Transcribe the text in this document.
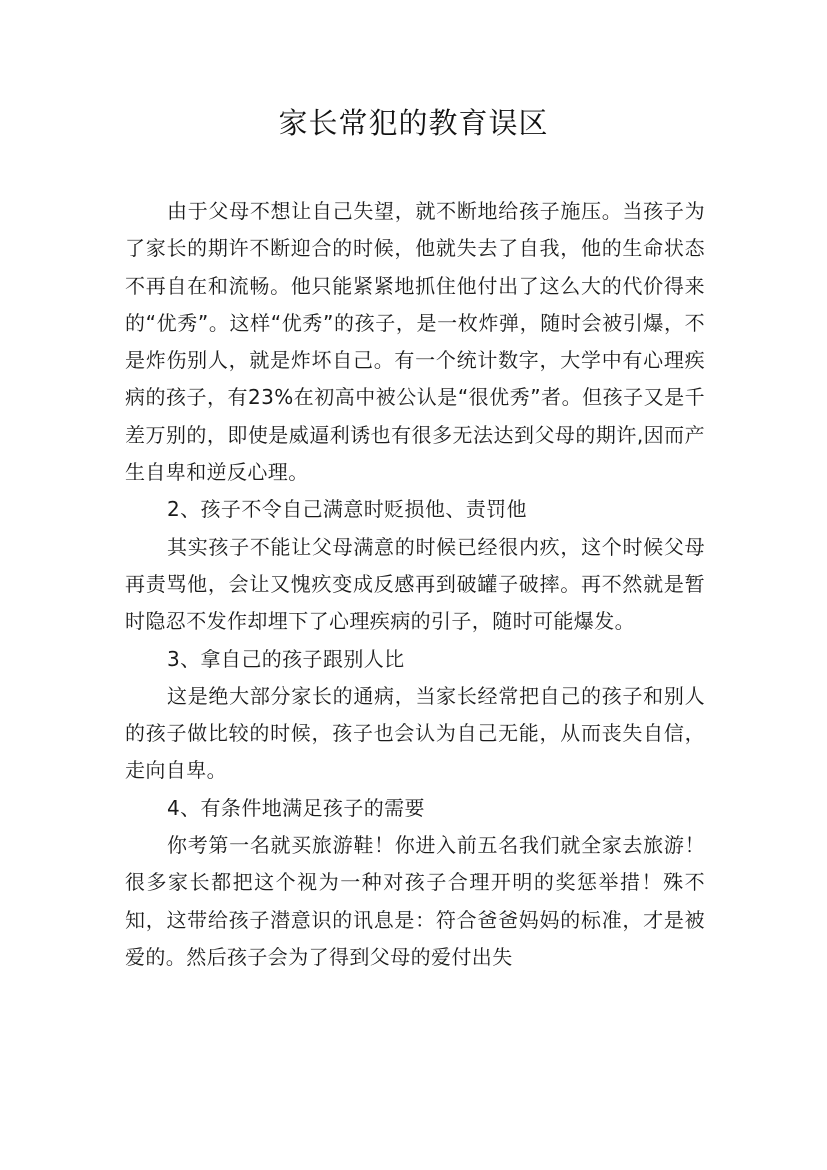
家长常犯的教育误区

由于父母不想让自己失望，就不断地给孩子施压。当孩子为了家长的期许不断迎合的时候，他就失去了自我，他的生命状态不再自在和流畅。他只能紧紧地抓住他付出了这么大的代价得来的“优秀”。这样“优秀”的孩子，是一枚炸弹，随时会被引爆，不是炸伤别人，就是炸坏自己。有一个统计数字，大学中有心理疾病的孩子，有23%在初高中被公认是“很优秀”者。但孩子又是千差万别的，即使是威逼利诱也有很多无法达到父母的期许,因而产生自卑和逆反心理。

2、孩子不令自己满意时贬损他、责罚他

其实孩子不能让父母满意的时候已经很内疚，这个时候父母再责骂他，会让又愧疚变成反感再到破罐子破摔。再不然就是暂时隐忍不发作却埋下了心理疾病的引子，随时可能爆发。

3、拿自己的孩子跟别人比

这是绝大部分家长的通病，当家长经常把自己的孩子和别人的孩子做比较的时候，孩子也会认为自己无能，从而丧失自信，走向自卑。

4、有条件地满足孩子的需要

你考第一名就买旅游鞋！你进入前五名我们就全家去旅游！很多家长都把这个视为一种对孩子合理开明的奖惩举措！殊不知，这带给孩子潜意识的讯息是：符合爸爸妈妈的标准，才是被爱的。然后孩子会为了得到父母的爱付出失
